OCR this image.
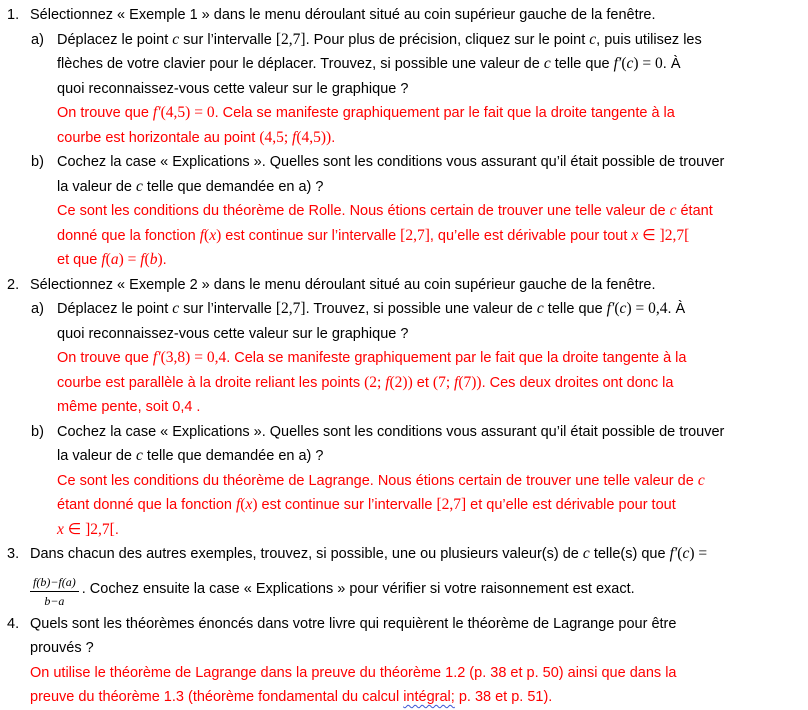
1. Sélectionnez « Exemple 1 » dans le menu déroulant situé au coin supérieur gauche de la fenêtre.
a) Déplacez le point c sur l’intervalle [2,7]. Pour plus de précision, cliquez sur le point c, puis utilisez les
flèches de votre clavier pour le déplacer. Trouvez, si possible une valeur de c telle que f′(c) = 0. À
quoi reconnaissez-vous cette valeur sur le graphique ?
On trouve que f′(4,5) = 0. Cela se manifeste graphiquement par le fait que la droite tangente à la
courbe est horizontale au point (4,5; f(4,5)).
b) Cochez la case « Explications ». Quelles sont les conditions vous assurant qu’il était possible de trouver
la valeur de c telle que demandée en a) ?
Ce sont les conditions du théorème de Rolle. Nous étions certain de trouver une telle valeur de c étant
donné que la fonction f(x) est continue sur l’intervalle [2,7], qu’elle est dérivable pour tout x ∈ ]2,7[
et que f(a) = f(b).
2. Sélectionnez « Exemple 2 » dans le menu déroulant situé au coin supérieur gauche de la fenêtre.
a) Déplacez le point c sur l’intervalle [2,7]. Trouvez, si possible une valeur de c telle que f′(c) = 0,4. À
quoi reconnaissez-vous cette valeur sur le graphique ?
On trouve que f′(3,8) = 0,4. Cela se manifeste graphiquement par le fait que la droite tangente à la
courbe est parallèle à la droite reliant les points (2; f(2)) et (7; f(7)). Ces deux droites ont donc la
même pente, soit 0,4 .
b) Cochez la case « Explications ». Quelles sont les conditions vous assurant qu’il était possible de trouver
la valeur de c telle que demandée en a) ?
Ce sont les conditions du théorème de Lagrange. Nous étions certain de trouver une telle valeur de c
étant donné que la fonction f(x) est continue sur l’intervalle [2,7] et qu’elle est dérivable pour tout
x ∈ ]2,7[.
3. Dans chacun des autres exemples, trouvez, si possible, une ou plusieurs valeur(s) de c telle(s) que f′(c) =
$\frac{f(b)-f(a)}{b-a}$ . Cochez ensuite la case « Explications » pour vérifier si votre raisonnement est exact.
4. Quels sont les théorèmes énoncés dans votre livre qui requièrent le théorème de Lagrange pour être
prouvés ?
On utilise le théorème de Lagrange dans la preuve du théorème 1.2 (p. 38 et p. 50) ainsi que dans la
preuve du théorème 1.3 (théorème fondamental du calcul intégral; p. 38 et p. 51).
